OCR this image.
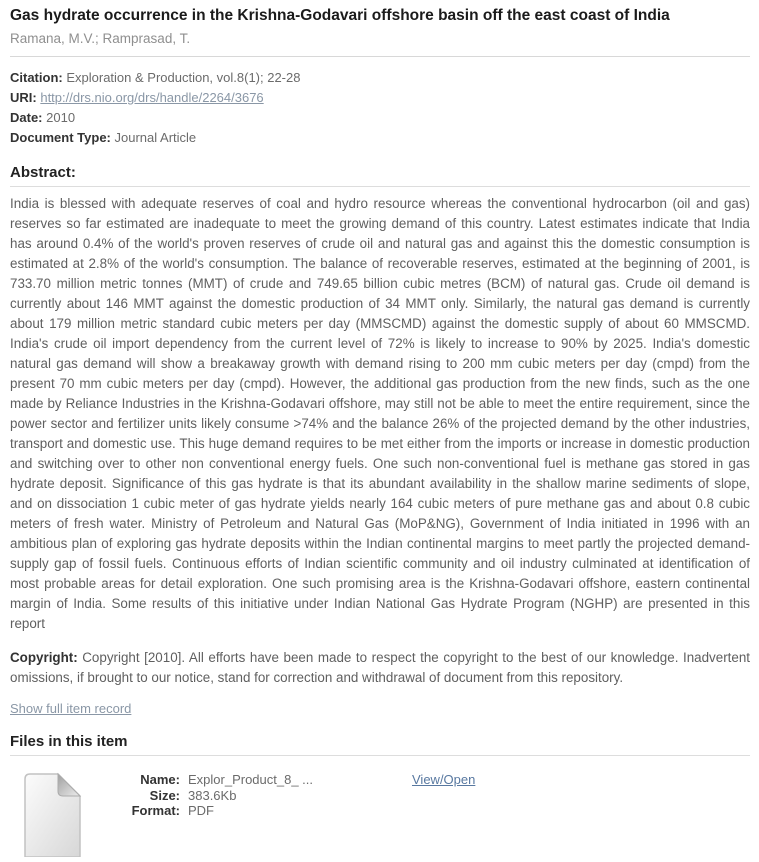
Gas hydrate occurrence in the Krishna-Godavari offshore basin off the east coast of India
Ramana, M.V.; Ramprasad, T.
Citation: Exploration & Production, vol.8(1); 22-28
URI: http://drs.nio.org/drs/handle/2264/3676
Date: 2010
Document Type: Journal Article
Abstract:

India is blessed with adequate reserves of coal and hydro resource whereas the conventional hydrocarbon (oil and gas) reserves so far estimated are inadequate to meet the growing demand of this country. Latest estimates indicate that India has around 0.4% of the world's proven reserves of crude oil and natural gas and against this the domestic consumption is estimated at 2.8% of the world's consumption. The balance of recoverable reserves, estimated at the beginning of 2001, is 733.70 million metric tonnes (MMT) of crude and 749.65 billion cubic metres (BCM) of natural gas. Crude oil demand is currently about 146 MMT against the domestic production of 34 MMT only. Similarly, the natural gas demand is currently about 179 million metric standard cubic meters per day (MMSCMD) against the domestic supply of about 60 MMSCMD. India's crude oil import dependency from the current level of 72% is likely to increase to 90% by 2025. India's domestic natural gas demand will show a breakaway growth with demand rising to 200 mm cubic meters per day (cmpd) from the present 70 mm cubic meters per day (cmpd). However, the additional gas production from the new finds, such as the one made by Reliance Industries in the Krishna-Godavari offshore, may still not be able to meet the entire requirement, since the power sector and fertilizer units likely consume >74% and the balance 26% of the projected demand by the other industries, transport and domestic use. This huge demand requires to be met either from the imports or increase in domestic production and switching over to other non conventional energy fuels. One such non-conventional fuel is methane gas stored in gas hydrate deposit. Significance of this gas hydrate is that its abundant availability in the shallow marine sediments of slope, and on dissociation 1 cubic meter of gas hydrate yields nearly 164 cubic meters of pure methane gas and about 0.8 cubic meters of fresh water. Ministry of Petroleum and Natural Gas (MoP&NG), Government of India initiated in 1996 with an ambitious plan of exploring gas hydrate deposits within the Indian continental margins to meet partly the projected demand-supply gap of fossil fuels. Continuous efforts of Indian scientific community and oil industry culminated at identification of most probable areas for detail exploration. One such promising area is the Krishna-Godavari offshore, eastern continental margin of India. Some results of this initiative under Indian National Gas Hydrate Program (NGHP) are presented in this report

Copyright: Copyright [2010]. All efforts have been made to respect the copyright to the best of our knowledge. Inadvertent omissions, if brought to our notice, stand for correction and withdrawal of document from this repository.

Show full item record
Files in this item
Name: Explor_Product_8_ ...
Size: 383.6Kb
Format: PDF
View/Open
